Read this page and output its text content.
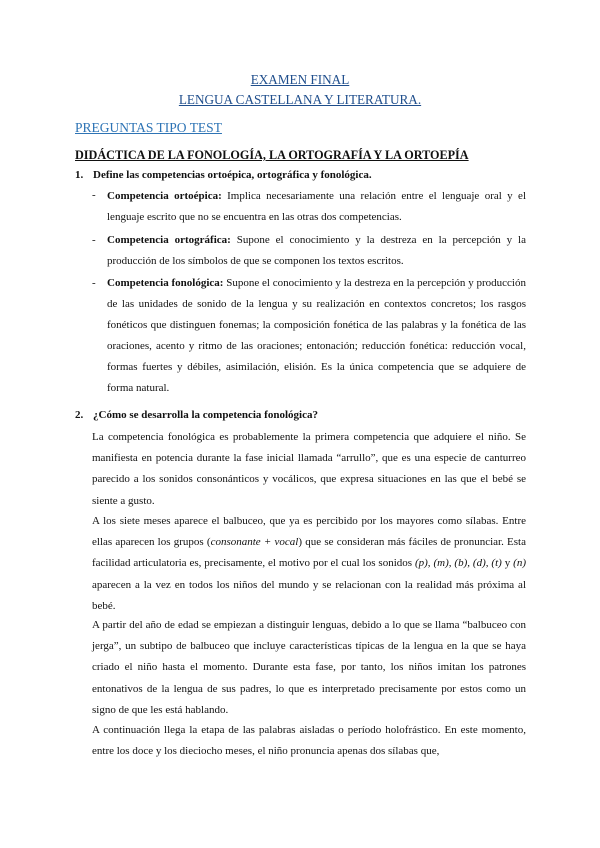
EXAMEN FINAL
LENGUA CASTELLANA Y LITERATURA.
PREGUNTAS TIPO TEST
DIDÁCTICA DE LA FONOLOGÍA, LA ORTOGRAFÍA Y LA ORTOEPÍA
1. Define las competencias ortoépica, ortográfica y fonológica.
- Competencia ortoépica: Implica necesariamente una relación entre el lenguaje oral y el lenguaje escrito que no se encuentra en las otras dos competencias.

- Competencia ortográfica: Supone el conocimiento y la destreza en la percepción y la producción de los símbolos de que se componen los textos escritos.

- Competencia fonológica: Supone el conocimiento y la destreza en la percepción y producción de las unidades de sonido de la lengua y su realización en contextos concretos; los rasgos fonéticos que distinguen fonemas; la composición fonética de las palabras y la fonética de las oraciones, acento y ritmo de las oraciones; entonación; reducción fonética: reducción vocal, formas fuertes y débiles, asimilación, elisión. Es la única competencia que se adquiere de forma natural.

2. ¿Cómo se desarrolla la competencia fonológica?

La competencia fonológica es probablemente la primera competencia que adquiere el niño. Se manifiesta en potencia durante la fase inicial llamada “arrullo”, que es una especie de canturreo parecido a los sonidos consonánticos y vocálicos, que expresa situaciones en las que el bebé se siente a gusto.

A los siete meses aparece el balbuceo, que ya es percibido por los mayores como sílabas. Entre ellas aparecen los grupos (consonante + vocal) que se consideran más fáciles de pronunciar. Esta facilidad articulatoria es, precisamente, el motivo por el cual los sonidos (p), (m), (b), (d), (t) y (n) aparecen a la vez en todos los niños del mundo y se relacionan con la realidad más próxima al bebé.

A partir del año de edad se empiezan a distinguir lenguas, debido a lo que se llama “balbuceo con jerga”, un subtipo de balbuceo que incluye características típicas de la lengua en la que se haya criado el niño hasta el momento. Durante esta fase, por tanto, los niños imitan los patrones entonativos de la lengua de sus padres, lo que es interpretado precisamente por estos como un signo de que les está hablando.

A continuación llega la etapa de las palabras aisladas o período holofrástico. En este momento, entre los doce y los dieciocho meses, el niño pronuncia apenas dos sílabas que,
